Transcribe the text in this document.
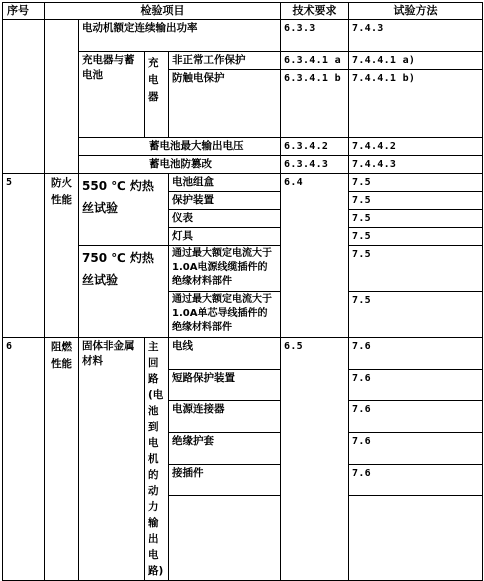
序号	检验项目				技术要求	试验方法
		电动机额定连续输出功率			6.3.3	7.4.3
		充电器与蓄电池	充电器	非正常工作保护	6.3.4.1 a	7.4.4.1 a)
				防触电保护	6.3.4.1 b	7.4.4.1 b)
		蓄电池最大输出电压			6.3.4.2	7.4.4.2
		蓄电池防篡改			6.3.4.3	7.4.4.3
5	防火性能	550 ℃ 灼热丝试验		电池组盒	6.4	7.5
				保护装置		7.5
				仪表		7.5
				灯具		7.5
		750 ℃ 灼热丝试验		通过最大额定电流大于1.0A电源线缆插件的绝缘材料部件		7.5
				通过最大额定电流大于1.0A单芯导线插件的绝缘材料部件		7.5
6	阻燃性能	固体非金属材料	主回路(电池到电机的动力输出电路)	电线	6.5	7.6
				短路保护装置		7.6
				电源连接器		7.6
				绝缘护套		7.6
				接插件		7.6
